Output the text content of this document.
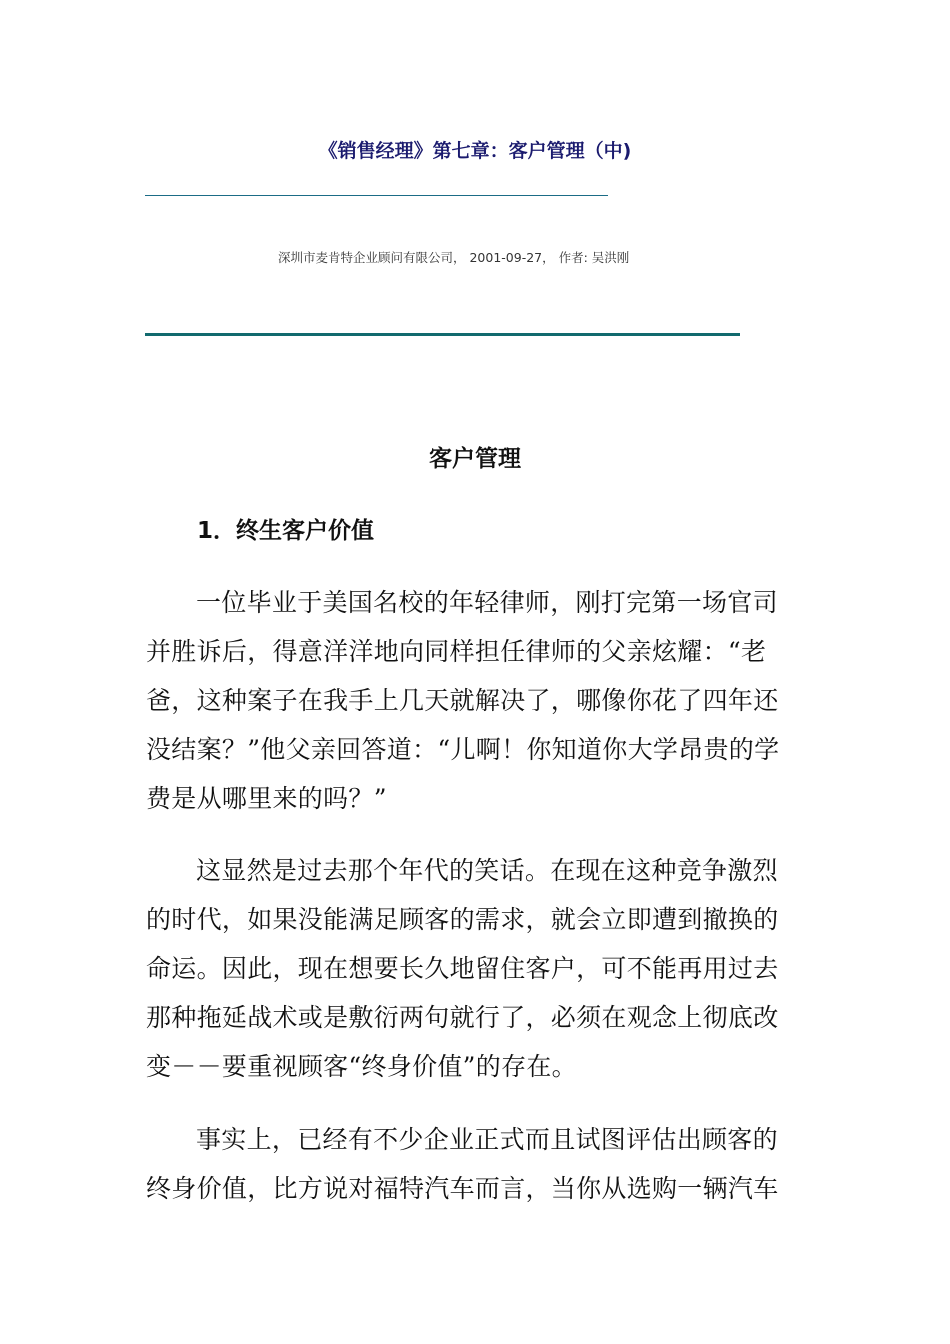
《销售经理》第七章：客户管理（中)
深圳市麦肯特企业顾问有限公司， 2001-09-27， 作者: 吴洪刚
客户管理
1．终生客户价值

一位毕业于美国名校的年轻律师，刚打完第一场官司并胜诉后，得意洋洋地向同样担任律师的父亲炫耀：“老爸，这种案子在我手上几天就解决了，哪像你花了四年还没结案？”他父亲回答道：“儿啊！你知道你大学昂贵的学费是从哪里来的吗？”

这显然是过去那个年代的笑话。在现在这种竞争激烈的时代，如果没能满足顾客的需求，就会立即遭到撤换的命运。因此，现在想要长久地留住客户，可不能再用过去那种拖延战术或是敷衍两句就行了，必须在观念上彻底改变－－要重视顾客“终身价值”的存在。

事实上，已经有不少企业正式而且试图评估出顾客的终身价值，比方说对福特汽车而言，当你从选购一辆汽车
